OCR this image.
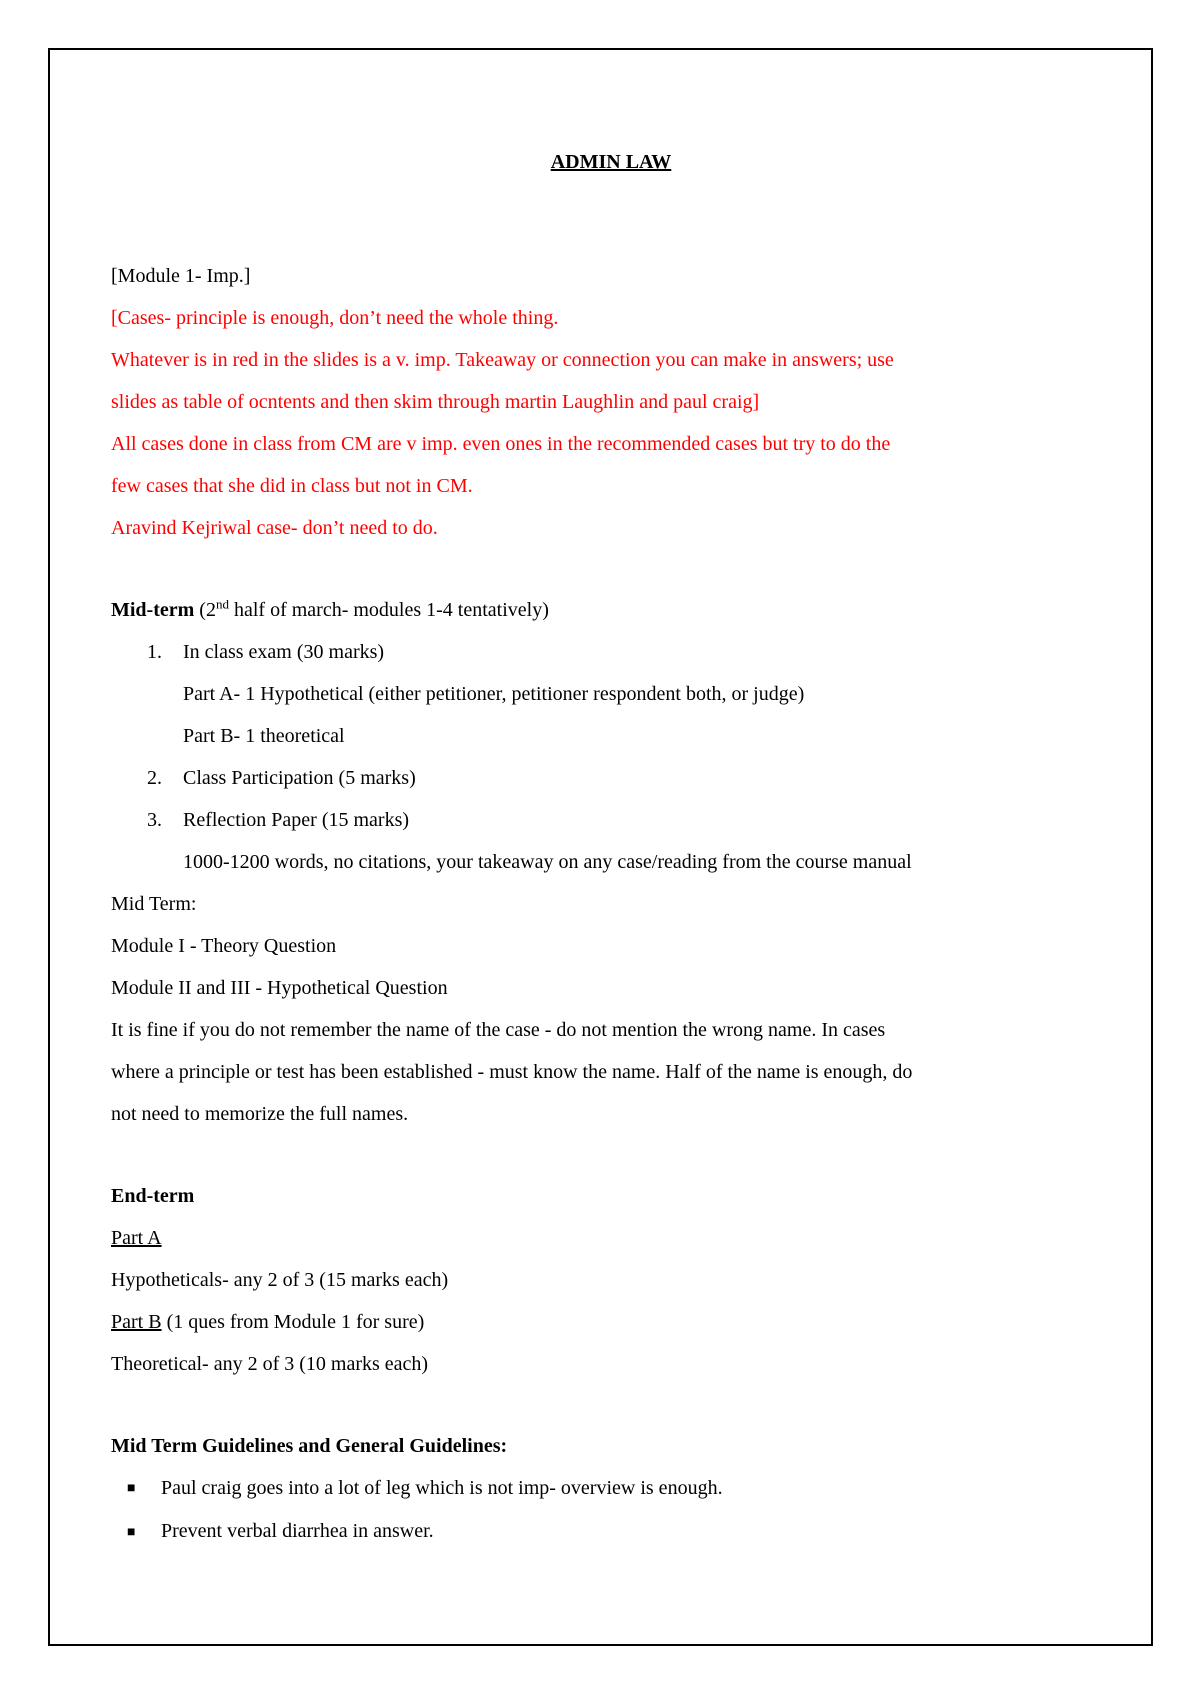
ADMIN LAW
[Module 1- Imp.]
[Cases- principle is enough, don’t need the whole thing.
Whatever is in red in the slides is a v. imp. Takeaway or connection you can make in answers; use
slides as table of ocntents and then skim through martin Laughlin and paul craig]
All cases done in class from CM are v imp. even ones in the recommended cases but try to do the
few cases that she did in class but not in CM.
Aravind Kejriwal case- don’t need to do.
Mid-term (2nd half of march- modules 1-4 tentatively)
1. In class exam (30 marks)
Part A- 1 Hypothetical (either petitioner, petitioner respondent both, or judge)
Part B- 1 theoretical
2. Class Participation (5 marks)
3. Reflection Paper (15 marks)
1000-1200 words, no citations, your takeaway on any case/reading from the course manual
Mid Term:
Module I - Theory Question
Module II and III - Hypothetical Question
It is fine if you do not remember the name of the case - do not mention the wrong name. In cases
where a principle or test has been established - must know the name. Half of the name is enough, do
not need to memorize the full names.
End-term
Part A
Hypotheticals- any 2 of 3 (15 marks each)
Part B (1 ques from Module 1 for sure)
Theoretical- any 2 of 3 (10 marks each)
Mid Term Guidelines and General Guidelines:
■ Paul craig goes into a lot of leg which is not imp- overview is enough.
■ Prevent verbal diarrhea in answer.
